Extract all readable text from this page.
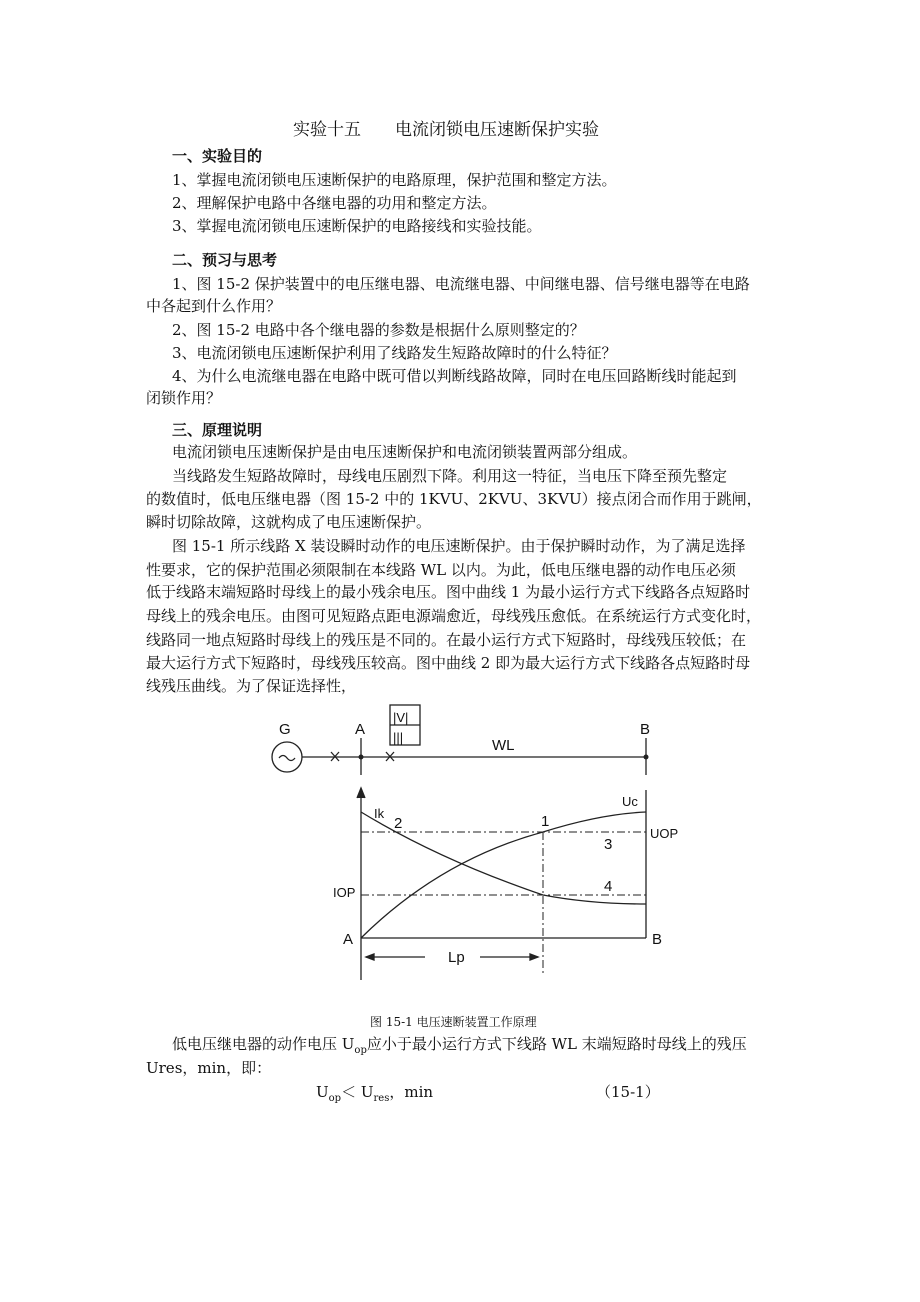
实验十五　　电流闭锁电压速断保护实验
一、实验目的
1、掌握电流闭锁电压速断保护的电路原理，保护范围和整定方法。
2、理解保护电路中各继电器的功用和整定方法。
3、掌握电流闭锁电压速断保护的电路接线和实验技能。
二、预习与思考
1、图 15-2 保护装置中的电压继电器、电流继电器、中间继电器、信号继电器等在电路
中各起到什么作用？
2、图 15-2 电路中各个继电器的参数是根据什么原则整定的？
3、电流闭锁电压速断保护利用了线路发生短路故障时的什么特征？
4、为什么电流继电器在电路中既可借以判断线路故障，同时在电压回路断线时能起到
闭锁作用？
三、原理说明
电流闭锁电压速断保护是由电压速断保护和电流闭锁装置两部分组成。
当线路发生短路故障时，母线电压剧烈下降。利用这一特征，当电压下降至预先整定
的数值时，低电压继电器（图 15-2 中的 1KVU、2KVU、3KVU）接点闭合而作用于跳闸，
瞬时切除故障，这就构成了电压速断保护。
图 15-1 所示线路 X 装设瞬时动作的电压速断保护。由于保护瞬时动作，为了满足选择
性要求，它的保护范围必须限制在本线路 WL 以内。为此，低电压继电器的动作电压必须
低于线路末端短路时母线上的最小残余电压。图中曲线 1 为最小运行方式下线路各点短路时
母线上的残余电压。由图可见短路点距电源端愈近，母线残压愈低。在系统运行方式变化时，
线路同一地点短路时母线上的残压是不同的。在最小运行方式下短路时，母线残压较低；在
最大运行方式下短路时，母线残压较高。图中曲线 2 即为最大运行方式下线路各点短路时母
线残压曲线。为了保证选择性，
G	A	B
WL
|V|
|||
Ik
2	1
Uc
UOP
3
4
IOP
A	B
Lp
图 15-1 电压速断装置工作原理
低电压继电器的动作电压 $U_{op}$应小于最小运行方式下线路 WL 末端短路时母线上的残压
Ures，min，即：
$U_{op}< U_{res}$，min	（15-1）
